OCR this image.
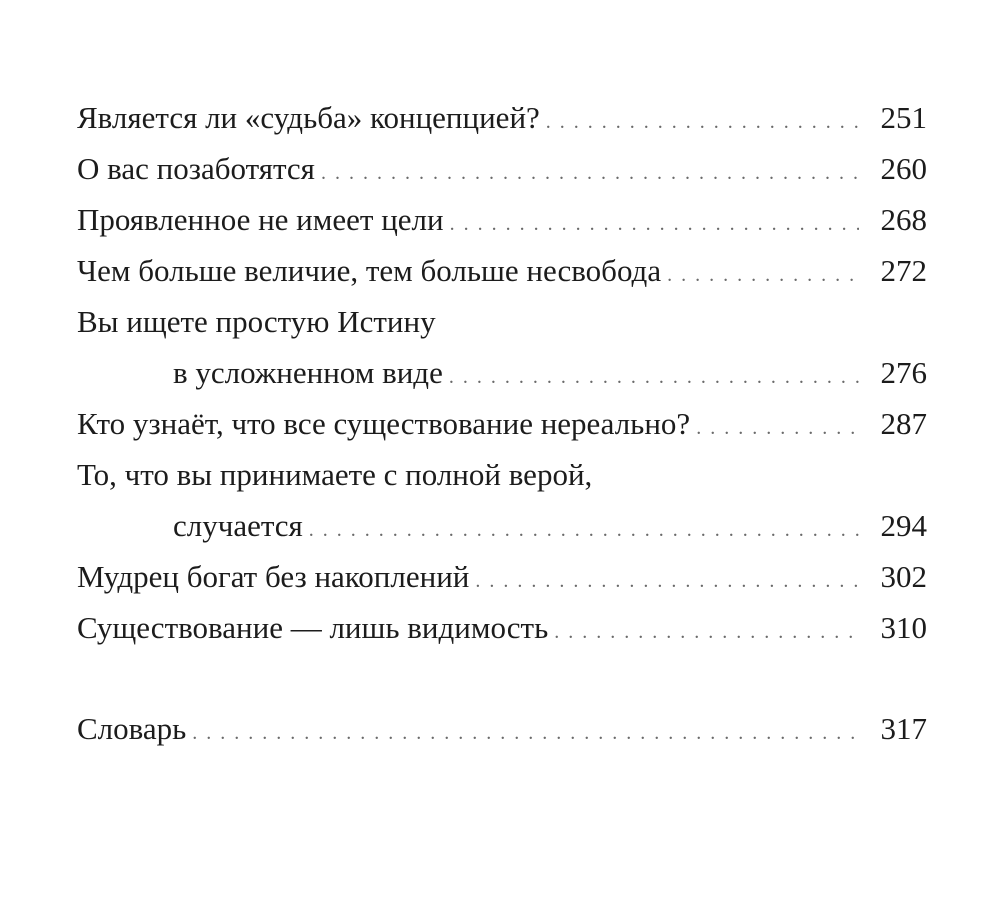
Является ли «судьба» концепцией? . . .	251
О вас позаботятся . . .	260
Проявленное не имеет цели . . .	268
Чем больше величие, тем больше несвобода . . .	272
Вы ищете простую Истину
в усложненном виде . . .	276
Кто узнаёт, что все существование нереально? . . .	287
То, что вы принимаете с полной верой,
случается . . .	294
Мудрец богат без накоплений . . .	302
Существование — лишь видимость . . .	310
Словарь . . .	317
